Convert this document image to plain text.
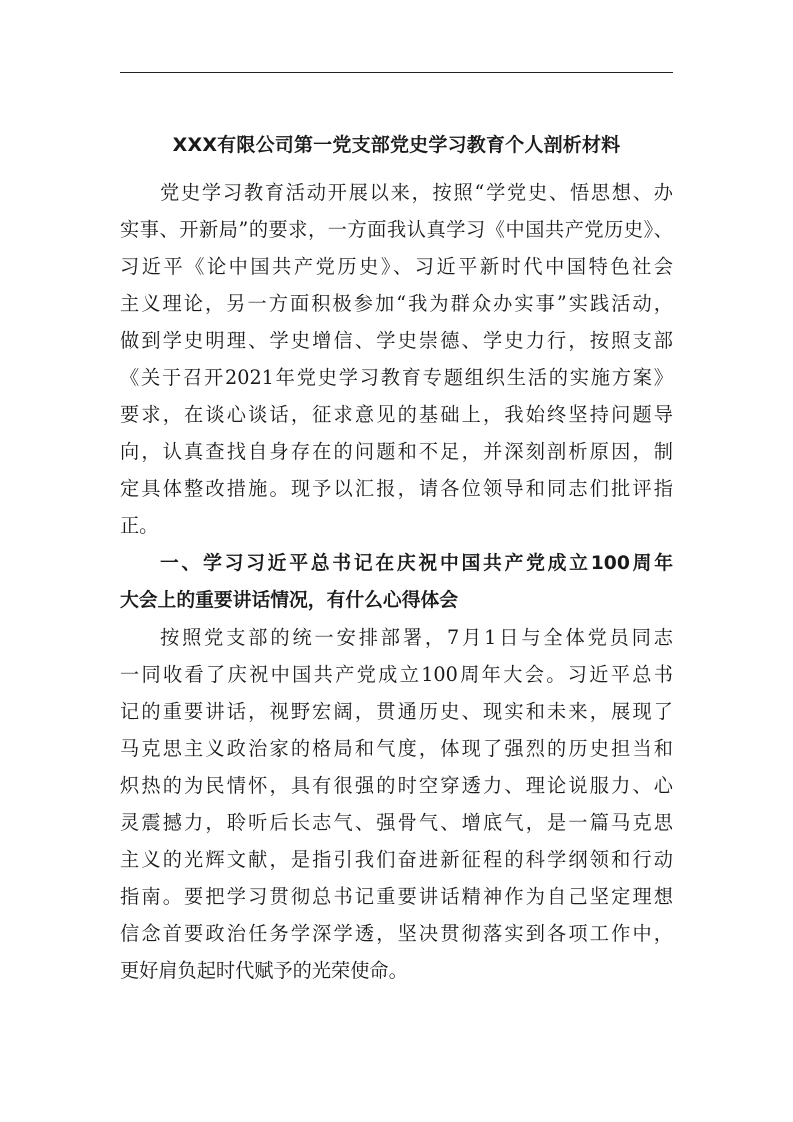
XXX有限公司第一党支部党史学习教育个人剖析材料

党史学习教育活动开展以来，按照“学党史、悟思想、办

实事、开新局”的要求，一方面我认真学习《中国共产党历史》、

习近平《论中国共产党历史》、习近平新时代中国特色社会

主义理论，另一方面积极参加“我为群众办实事”实践活动，

做到学史明理、学史增信、学史崇德、学史力行，按照支部

《关于召开2021年党史学习教育专题组织生活的实施方案》

要求，在谈心谈话，征求意见的基础上，我始终坚持问题导

向，认真查找自身存在的问题和不足，并深刻剖析原因，制

定具体整改措施。现予以汇报，请各位领导和同志们批评指

正。

一、学习习近平总书记在庆祝中国共产党成立100周年

大会上的重要讲话情况，有什么心得体会

按照党支部的统一安排部署，7月1日与全体党员同志

一同收看了庆祝中国共产党成立100周年大会。习近平总书

记的重要讲话，视野宏阔，贯通历史、现实和未来，展现了

马克思主义政治家的格局和气度，体现了强烈的历史担当和

炽热的为民情怀，具有很强的时空穿透力、理论说服力、心

灵震撼力，聆听后长志气、强骨气、增底气，是一篇马克思

主义的光辉文献，是指引我们奋进新征程的科学纲领和行动

指南。要把学习贯彻总书记重要讲话精神作为自己坚定理想

信念首要政治任务学深学透，坚决贯彻落实到各项工作中，

更好肩负起时代赋予的光荣使命。
